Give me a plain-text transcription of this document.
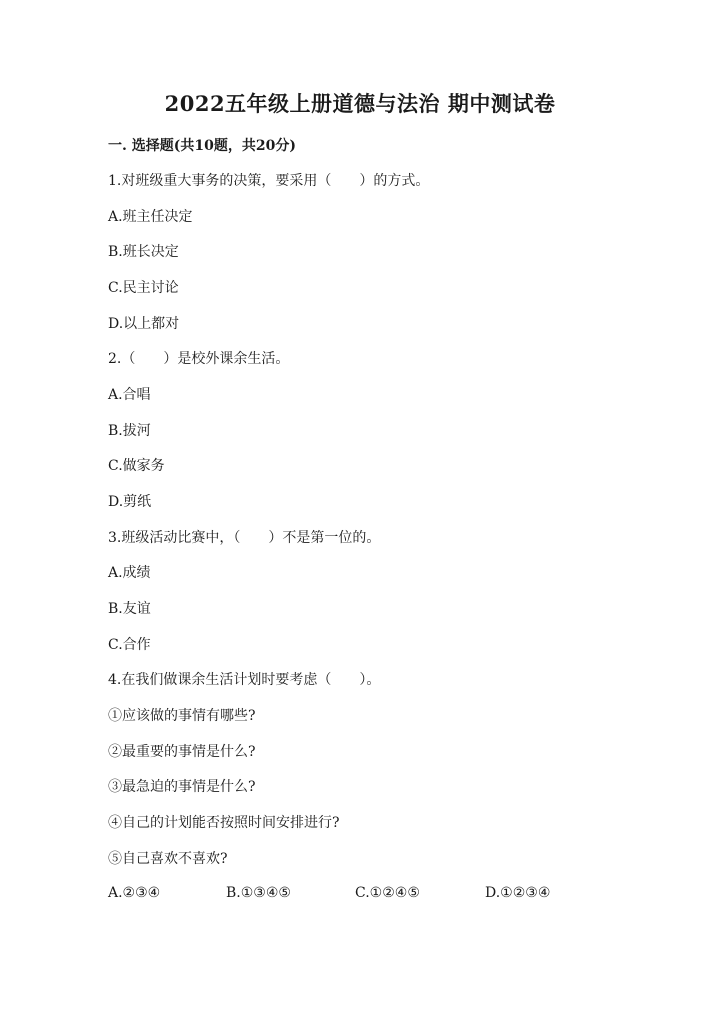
2022五年级上册道德与法治 期中测试卷
一. 选择题(共10题，共20分)
1.对班级重大事务的决策，要采用（　　）的方式。
A.班主任决定
B.班长决定
C.民主讨论
D.以上都对
2.（　　）是校外课余生活。
A.合唱
B.拔河
C.做家务
D.剪纸
3.班级活动比赛中，（　　）不是第一位的。
A.成绩
B.友谊
C.合作
4.在我们做课余生活计划时要考虑（　　）。
①应该做的事情有哪些?
②最重要的事情是什么?
③最急迫的事情是什么?
④自己的计划能否按照时间安排进行?
⑤自己喜欢不喜欢?
A.②③④	B.①③④⑤	C.①②④⑤	D.①②③④
